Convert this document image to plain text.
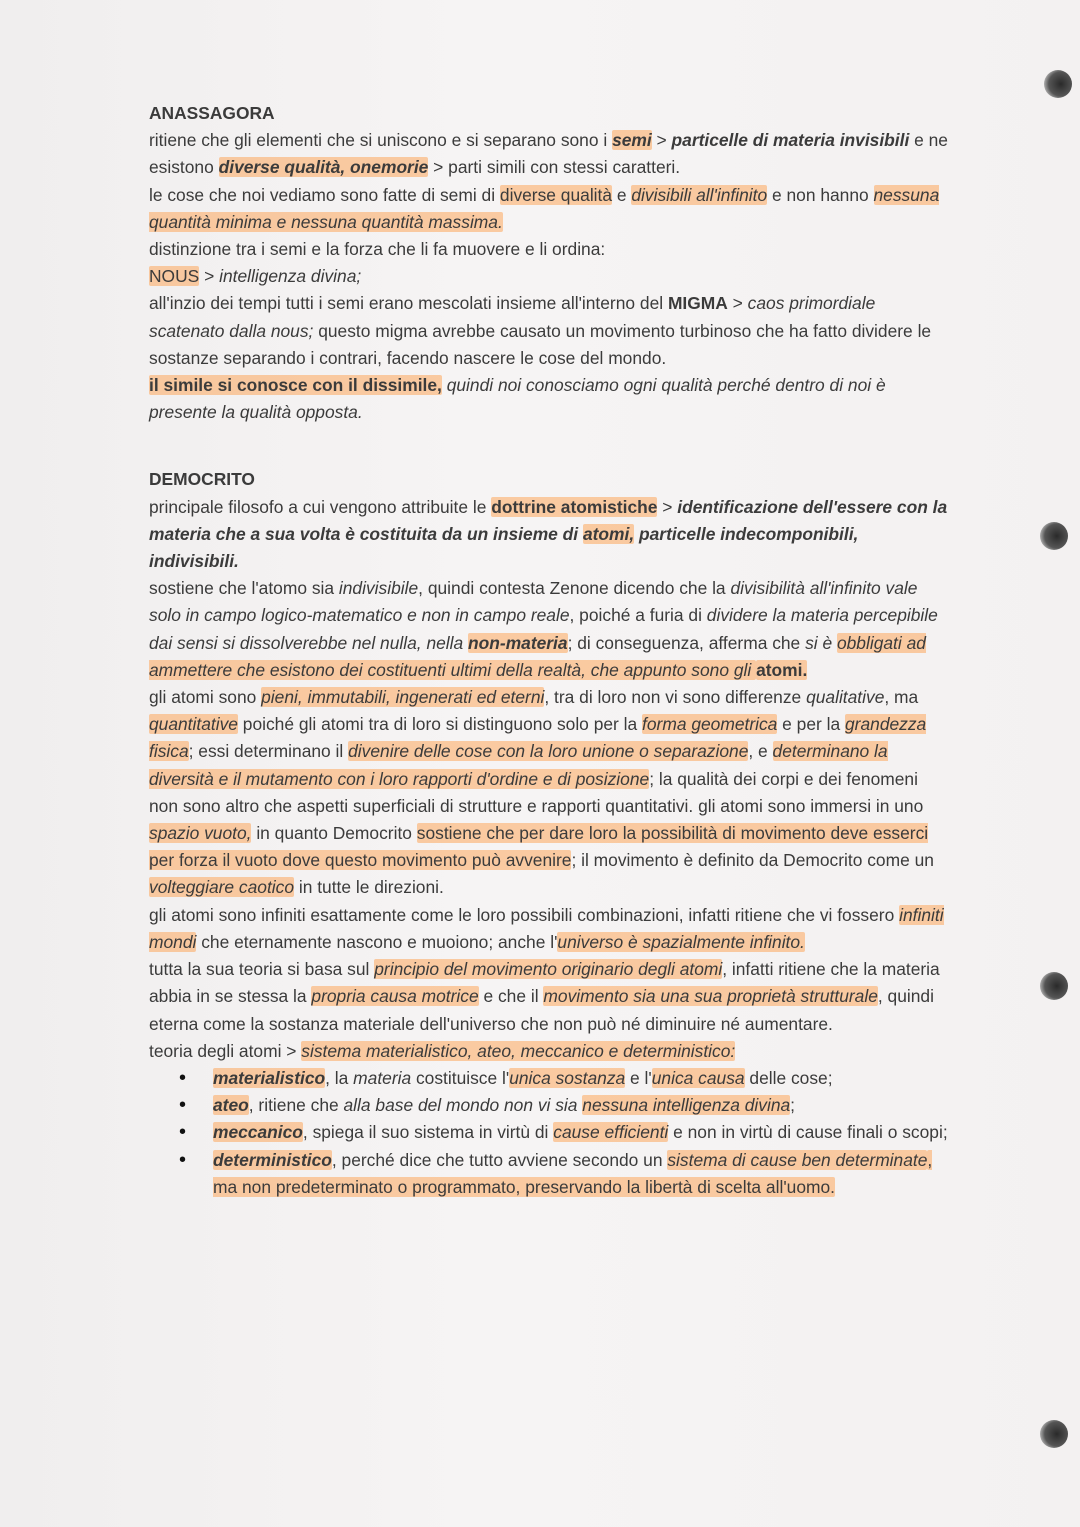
ANASSAGORA

ritiene che gli elementi che si uniscono e si separano sono i semi > particelle di materia invisibili e ne esistono diverse qualità, onemorie > parti simili con stessi caratteri.

le cose che noi vediamo sono fatte di semi di diverse qualità e divisibili all'infinito e non hanno nessuna quantità minima e nessuna quantità massima.

distinzione tra i semi e la forza che li fa muovere e li ordina:

NOUS > intelligenza divina;

all'inzio dei tempi tutti i semi erano mescolati insieme all'interno del MIGMA > caos primordiale scatenato dalla nous; questo migma avrebbe causato un movimento turbinoso che ha fatto dividere le sostanze separando i contrari, facendo nascere le cose del mondo.

il simile si conosce con il dissimile, quindi noi conosciamo ogni qualità perché dentro di noi è presente la qualità opposta.

DEMOCRITO

principale filosofo a cui vengono attribuite le dottrine atomistiche > identificazione dell'essere con la materia che a sua volta è costituita da un insieme di atomi, particelle indecomponibili, indivisibili.

sostiene che l'atomo sia indivisibile, quindi contesta Zenone dicendo che la divisibilità all'infinito vale solo in campo logico-matematico e non in campo reale, poiché a furia di dividere la materia percepibile dai sensi si dissolverebbe nel nulla, nella non-materia; di conseguenza, afferma che si è obbligati ad ammettere che esistono dei costituenti ultimi della realtà, che appunto sono gli atomi.

gli atomi sono pieni, immutabili, ingenerati ed eterni, tra di loro non vi sono differenze qualitative, ma quantitative poiché gli atomi tra di loro si distinguono solo per la forma geometrica e per la grandezza fisica; essi determinano il divenire delle cose con la loro unione o separazione, e determinano la diversità e il mutamento con i loro rapporti d'ordine e di posizione; la qualità dei corpi e dei fenomeni non sono altro che aspetti superficiali di strutture e rapporti quantitativi. gli atomi sono immersi in uno spazio vuoto, in quanto Democrito sostiene che per dare loro la possibilità di movimento deve esserci per forza il vuoto dove questo movimento può avvenire; il movimento è definito da Democrito come un volteggiare caotico in tutte le direzioni.

gli atomi sono infiniti esattamente come le loro possibili combinazioni, infatti ritiene che vi fossero infiniti mondi che eternamente nascono e muoiono; anche l'universo è spazialmente infinito.

tutta la sua teoria si basa sul principio del movimento originario degli atomi, infatti ritiene che la materia abbia in se stessa la propria causa motrice e che il movimento sia una sua proprietà strutturale, quindi eterna come la sostanza materiale dell'universo che non può né diminuire né aumentare.

teoria degli atomi > sistema materialistico, ateo, meccanico e deterministico:

• materialistico, la materia costituisce l'unica sostanza e l'unica causa delle cose;
• ateo, ritiene che alla base del mondo non vi sia nessuna intelligenza divina;
• meccanico, spiega il suo sistema in virtù di cause efficienti e non in virtù di cause finali o scopi;
• deterministico, perché dice che tutto avviene secondo un sistema di cause ben determinate, ma non predeterminato o programmato, preservando la libertà di scelta all'uomo.
